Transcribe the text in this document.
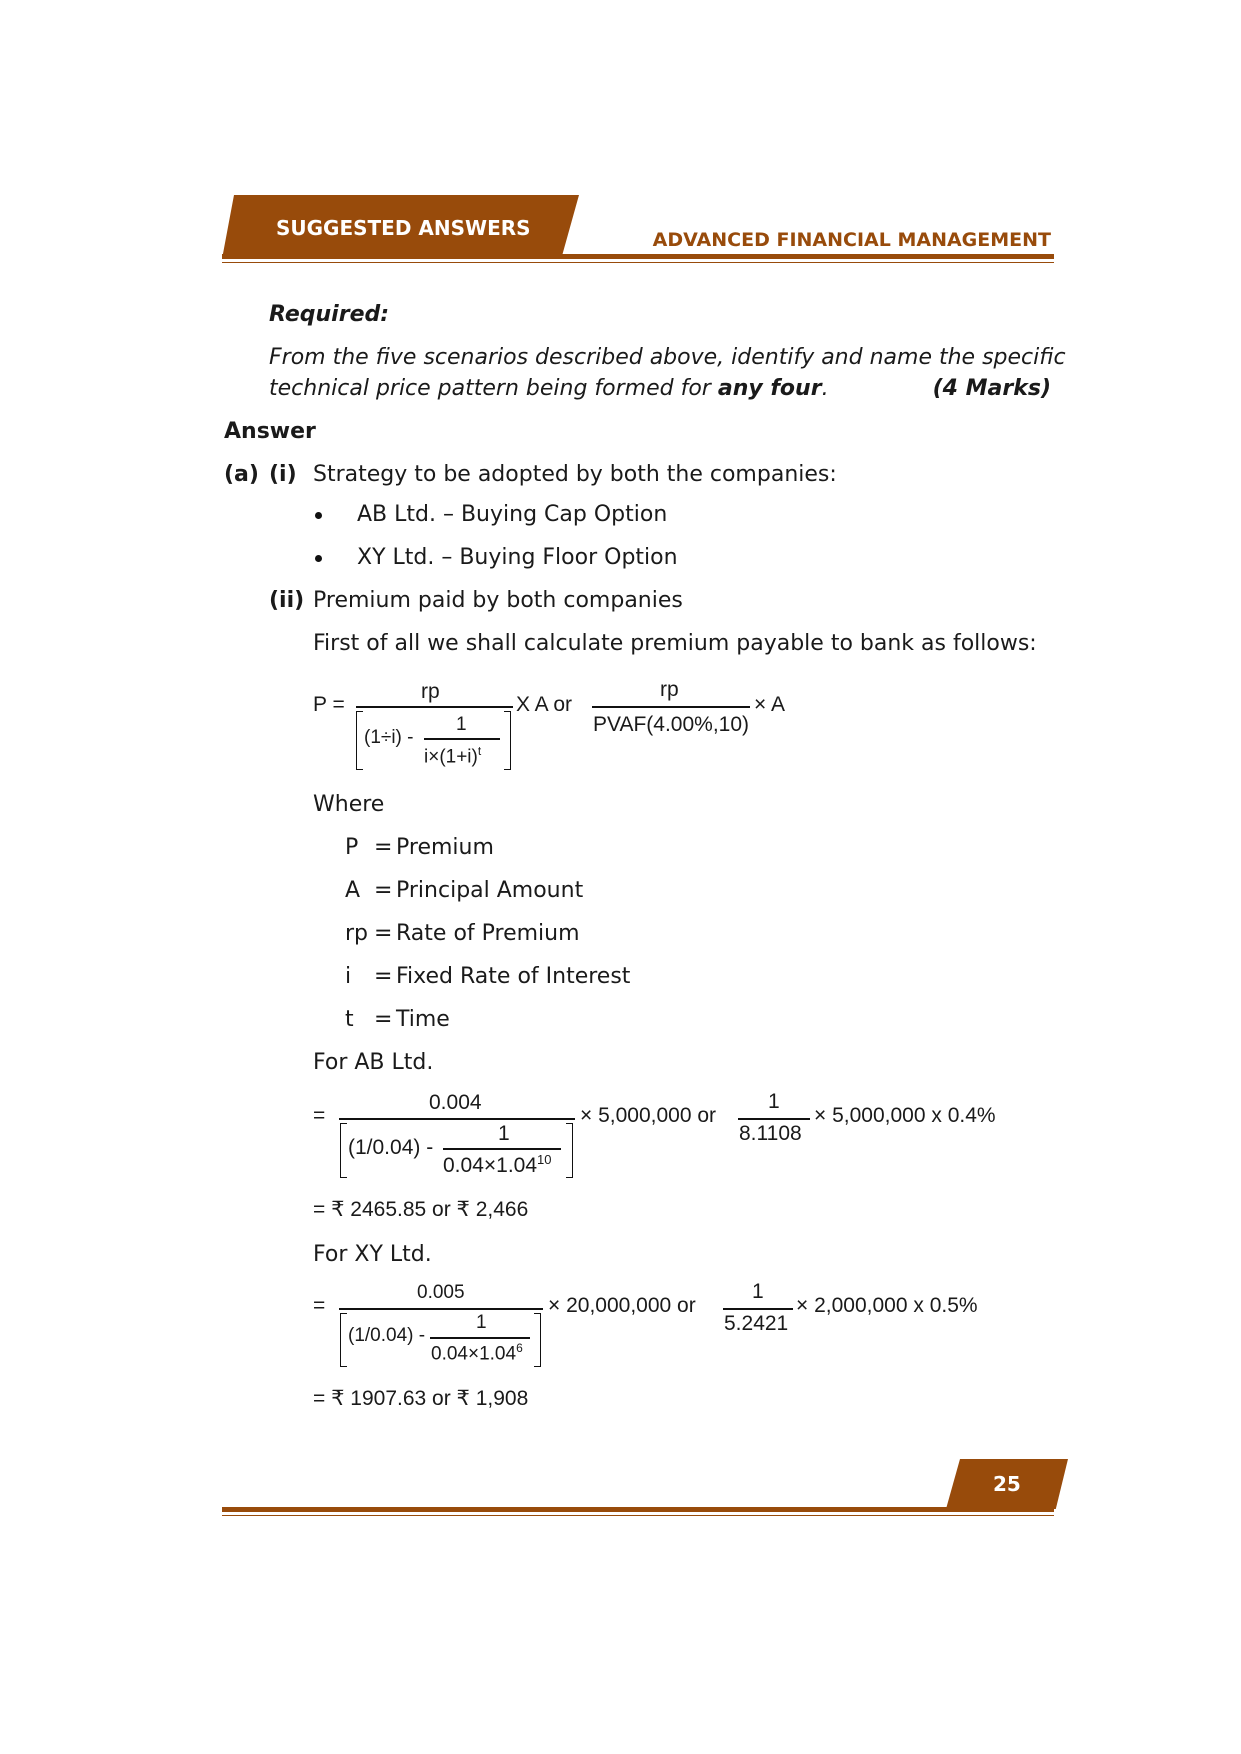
SUGGESTED ANSWERS	ADVANCED FINANCIAL MANAGEMENT
Required:
From the five scenarios described above, identify and name the specific
technical price pattern being formed for any four.	(4 Marks)
Answer
(a) (i) Strategy to be adopted by both the companies:
AB Ltd. – Buying Cap Option
XY Ltd. – Buying Floor Option
(ii) Premium paid by both companies
First of all we shall calculate premium payable to bank as follows:
P =
rp
(1÷i) -
1
$i\times(1+i)^t$
X A or
rp
PVAF(4.00%,10)
× A
Where
P = Premium
A = Principal Amount
rp = Rate of Premium
i = Fixed Rate of Interest
t = Time
For AB Ltd.
=
0.004
(1/0.04) -
1
$0.04\times 1.04^{10}$
× 5,000,000 or
1
8.1108
× 5,000,000 x 0.4%
= ₹ 2465.85 or ₹ 2,466
For XY Ltd.
=
0.005
(1/0.04) -
1
$0.04\times 1.04^6$
× 20,000,000 or
1
5.2421
× 2,000,000 x 0.5%
= ₹ 1907.63 or ₹ 1,908
25
